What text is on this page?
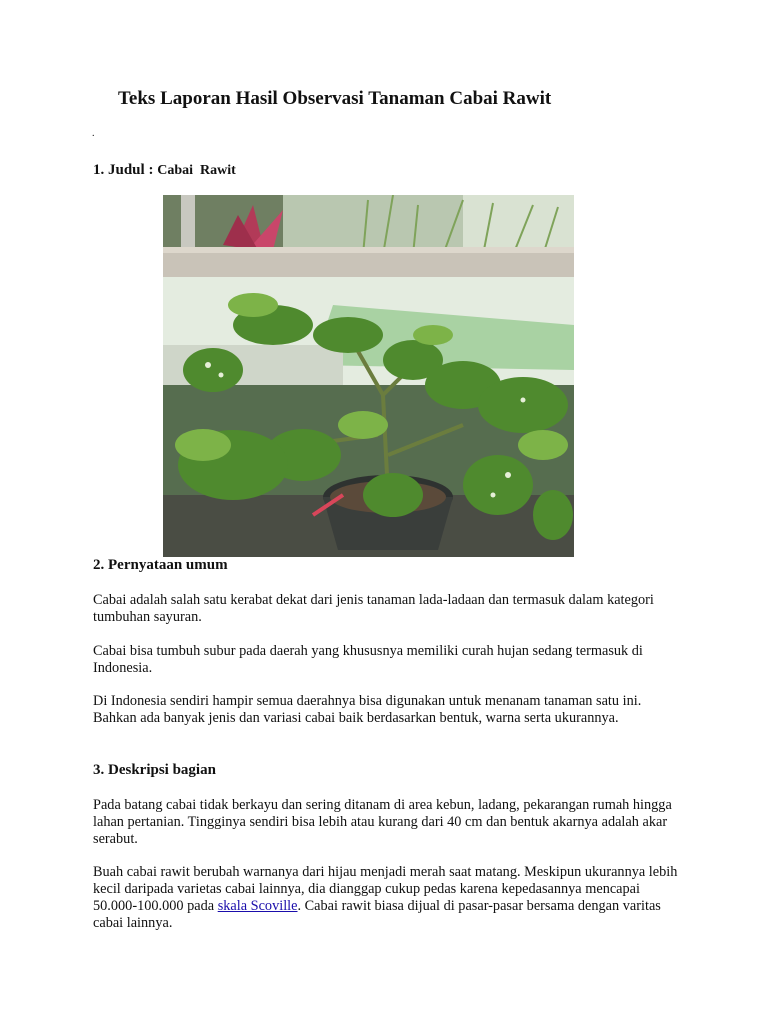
Teks Laporan Hasil Observasi Tanaman Cabai Rawit
.
1. Judul : Cabai  Rawit
2. Pernyataan umum
Cabai adalah salah satu kerabat dekat dari jenis tanaman lada-ladaan dan termasuk dalam kategori tumbuhan sayuran.
Cabai bisa tumbuh subur pada daerah yang khususnya memiliki curah hujan sedang termasuk di Indonesia.
Di Indonesia sendiri hampir semua daerahnya bisa digunakan untuk menanam tanaman satu ini. Bahkan ada banyak jenis dan variasi cabai baik berdasarkan bentuk, warna serta ukurannya.
3. Deskripsi bagian
Pada batang cabai tidak berkayu dan sering ditanam di area kebun, ladang, pekarangan rumah hingga lahan pertanian. Tingginya sendiri bisa lebih atau kurang dari 40 cm dan bentuk akarnya adalah akar serabut.
Buah cabai rawit berubah warnanya dari hijau menjadi merah saat matang. Meskipun ukurannya lebih kecil daripada varietas cabai lainnya, dia dianggap cukup pedas karena kepedasannya mencapai 50.000-100.000 pada skala Scoville. Cabai rawit biasa dijual di pasar-pasar bersama dengan varitas cabai lainnya.
